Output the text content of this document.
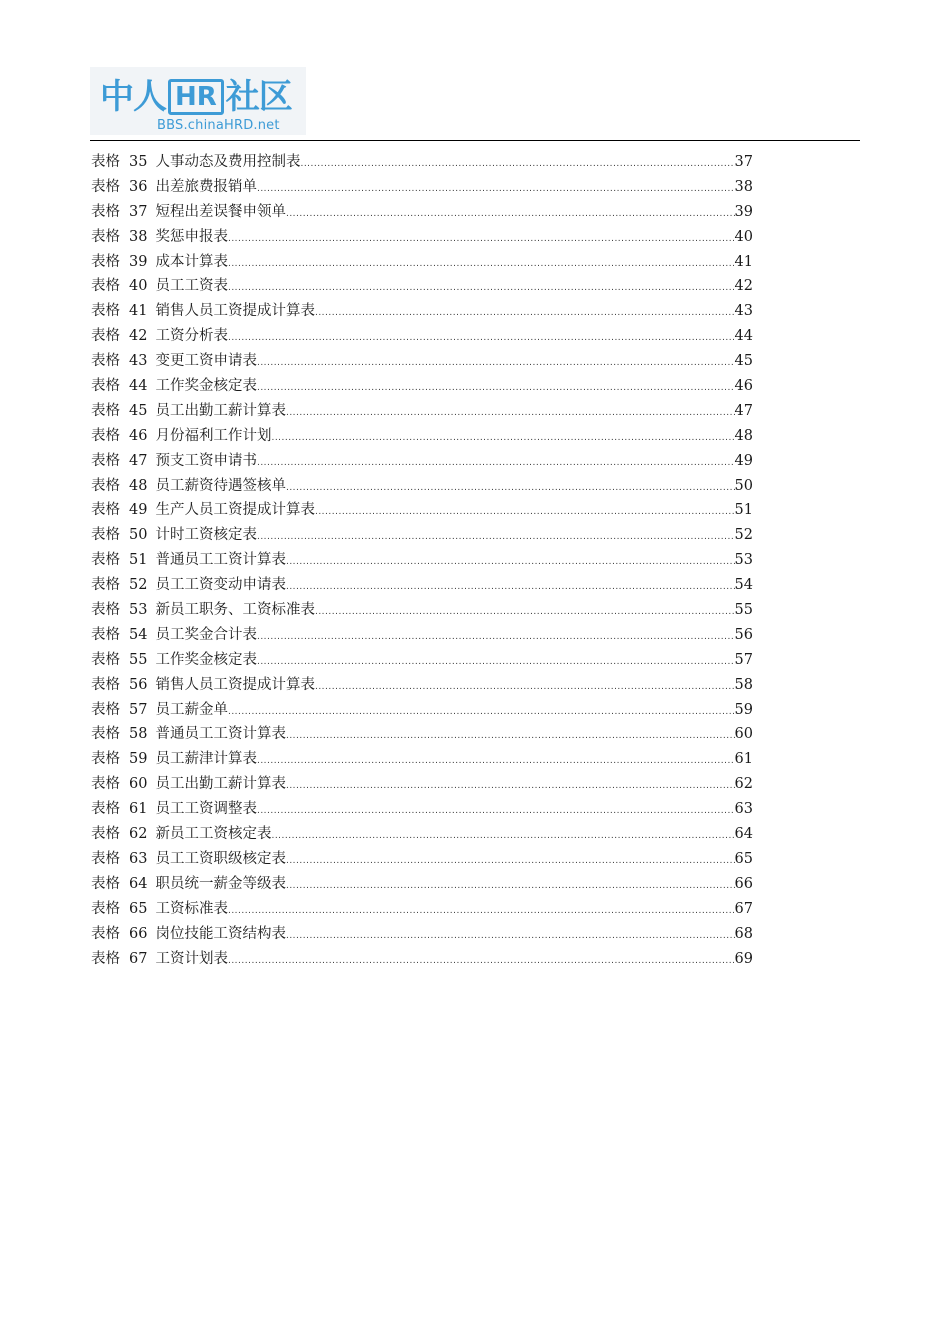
中人 HR 社区
BBS.chinaHRD.net
表格 35 人事动态及费用控制表 .....	37
表格 36 出差旅费报销单 .....	38
表格 37 短程出差误餐申领单 .....	39
表格 38 奖惩申报表 .....	40
表格 39 成本计算表 .....	41
表格 40 员工工资表 .....	42
表格 41 销售人员工资提成计算表 .....	43
表格 42 工资分析表 .....	44
表格 43 变更工资申请表 .....	45
表格 44 工作奖金核定表 .....	46
表格 45 员工出勤工薪计算表 .....	47
表格 46 月份福利工作计划 .....	48
表格 47 预支工资申请书 .....	49
表格 48 员工薪资待遇签核单 .....	50
表格 49 生产人员工资提成计算表 .....	51
表格 50 计时工资核定表 .....	52
表格 51 普通员工工资计算表 .....	53
表格 52 员工工资变动申请表 .....	54
表格 53 新员工职务、工资标准表 .....	55
表格 54 员工奖金合计表 .....	56
表格 55 工作奖金核定表 .....	57
表格 56 销售人员工资提成计算表 .....	58
表格 57 员工薪金单 .....	59
表格 58 普通员工工资计算表 .....	60
表格 59 员工薪津计算表 .....	61
表格 60 员工出勤工薪计算表 .....	62
表格 61 员工工资调整表 .....	63
表格 62 新员工工资核定表 .....	64
表格 63 员工工资职级核定表 .....	65
表格 64 职员统一薪金等级表 .....	66
表格 65 工资标准表 .....	67
表格 66 岗位技能工资结构表 .....	68
表格 67 工资计划表 .....	69
